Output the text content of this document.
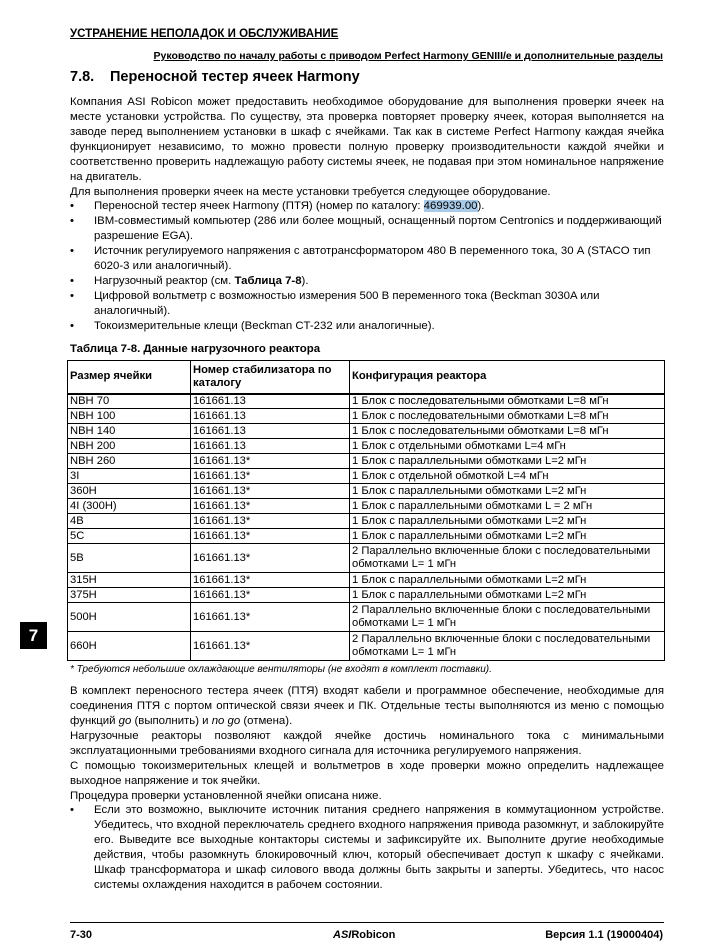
УСТРАНЕНИЕ НЕПОЛАДОК И ОБСЛУЖИВАНИЕ
Руководство по началу работы с приводом Perfect Harmony GENIII/e и дополнительные разделы
7.8. Переносной тестер ячеек Harmony
Компания ASI Robicon может предоставить необходимое оборудование для выполнения проверки ячеек на месте установки устройства. По существу, эта проверка повторяет проверку ячеек, которая выполняется на заводе перед выполнением установки в шкаф с ячейками. Так как в системе Perfect Harmony каждая ячейка функционирует независимо, то можно провести полную проверку производительности каждой ячейки и соответственно проверить надлежащую работу системы ячеек, не подавая при этом номинальное напряжение на двигатель.
Для выполнения проверки ячеек на месте установки требуется следующее оборудование.
• Переносной тестер ячеек Harmony (ПТЯ) (номер по каталогу: 469939.00).
• IBM-совместимый компьютер (286 или более мощный, оснащенный портом Centronics и поддерживающий разрешение EGA).
• Источник регулируемого напряжения с автотрансформатором 480 В переменного тока, 30 А (STACO тип 6020-3 или аналогичный).
• Нагрузочный реактор (см. Таблица 7-8).
• Цифровой вольтметр с возможностью измерения 500 В переменного тока (Beckman 3030A или аналогичный).
• Токоизмерительные клещи (Beckman CT-232 или аналогичные).
Таблица 7-8. Данные нагрузочного реактора
Размер ячейки	Номер стабилизатора по каталогу	Конфигурация реактора
NBH 70	161661.13	1 Блок с последовательными обмотками L=8 мГн
NBH 100	161661.13	1 Блок с последовательными обмотками L=8 мГн
NBH 140	161661.13	1 Блок с последовательными обмотками L=8 мГн
NBH 200	161661.13	1 Блок с отдельными обмотками L=4 мГн
NBH 260	161661.13*	1 Блок с параллельными обмотками L=2 мГн
3I	161661.13*	1 Блок с отдельной обмоткой L=4 мГн
360H	161661.13*	1 Блок с параллельными обмотками L=2 мГн
4I (300H)	161661.13*	1 Блок с параллельными обмотками L = 2 мГн
4B	161661.13*	1 Блок с параллельными обмотками L=2 мГн
5C	161661.13*	1 Блок с параллельными обмотками L=2 мГн
5B	161661.13*	2 Параллельно включенные блоки с последовательными обмотками L= 1 мГн
315H	161661.13*	1 Блок с параллельными обмотками L=2 мГн
375H	161661.13*	1 Блок с параллельными обмотками L=2 мГн
500H	161661.13*	2 Параллельно включенные блоки с последовательными обмотками L= 1 мГн
660H	161661.13*	2 Параллельно включенные блоки с последовательными обмотками L= 1 мГн
* Требуются небольшие охлаждающие вентиляторы (не входят в комплект поставки).
7
В комплект переносного тестера ячеек (ПТЯ) входят кабели и программное обеспечение, необходимые для соединения ПТЯ с портом оптической связи ячеек и ПК. Отдельные тесты выполняются из меню с помощью функций go (выполнить) и no go (отмена).
Нагрузочные реакторы позволяют каждой ячейке достичь номинального тока с минимальными эксплуатационными требованиями входного сигнала для источника регулируемого напряжения.
С помощью токоизмерительных клещей и вольтметров в ходе проверки можно определить надлежащее выходное напряжение и ток ячейки.
Процедура проверки установленной ячейки описана ниже.
• Если это возможно, выключите источник питания среднего напряжения в коммутационном устройстве. Убедитесь, что входной переключатель среднего входного напряжения привода разомкнут, и заблокируйте его. Выведите все выходные контакторы системы и зафиксируйте их. Выполните другие необходимые действия, чтобы разомкнуть блокировочный ключ, который обеспечивает доступ к шкафу с ячейками. Шкаф трансформатора и шкаф силового ввода должны быть закрыты и заперты. Убедитесь, что насос системы охлаждения находится в рабочем состоянии.
7-30	ASIRobicon	Версия 1.1 (19000404)
